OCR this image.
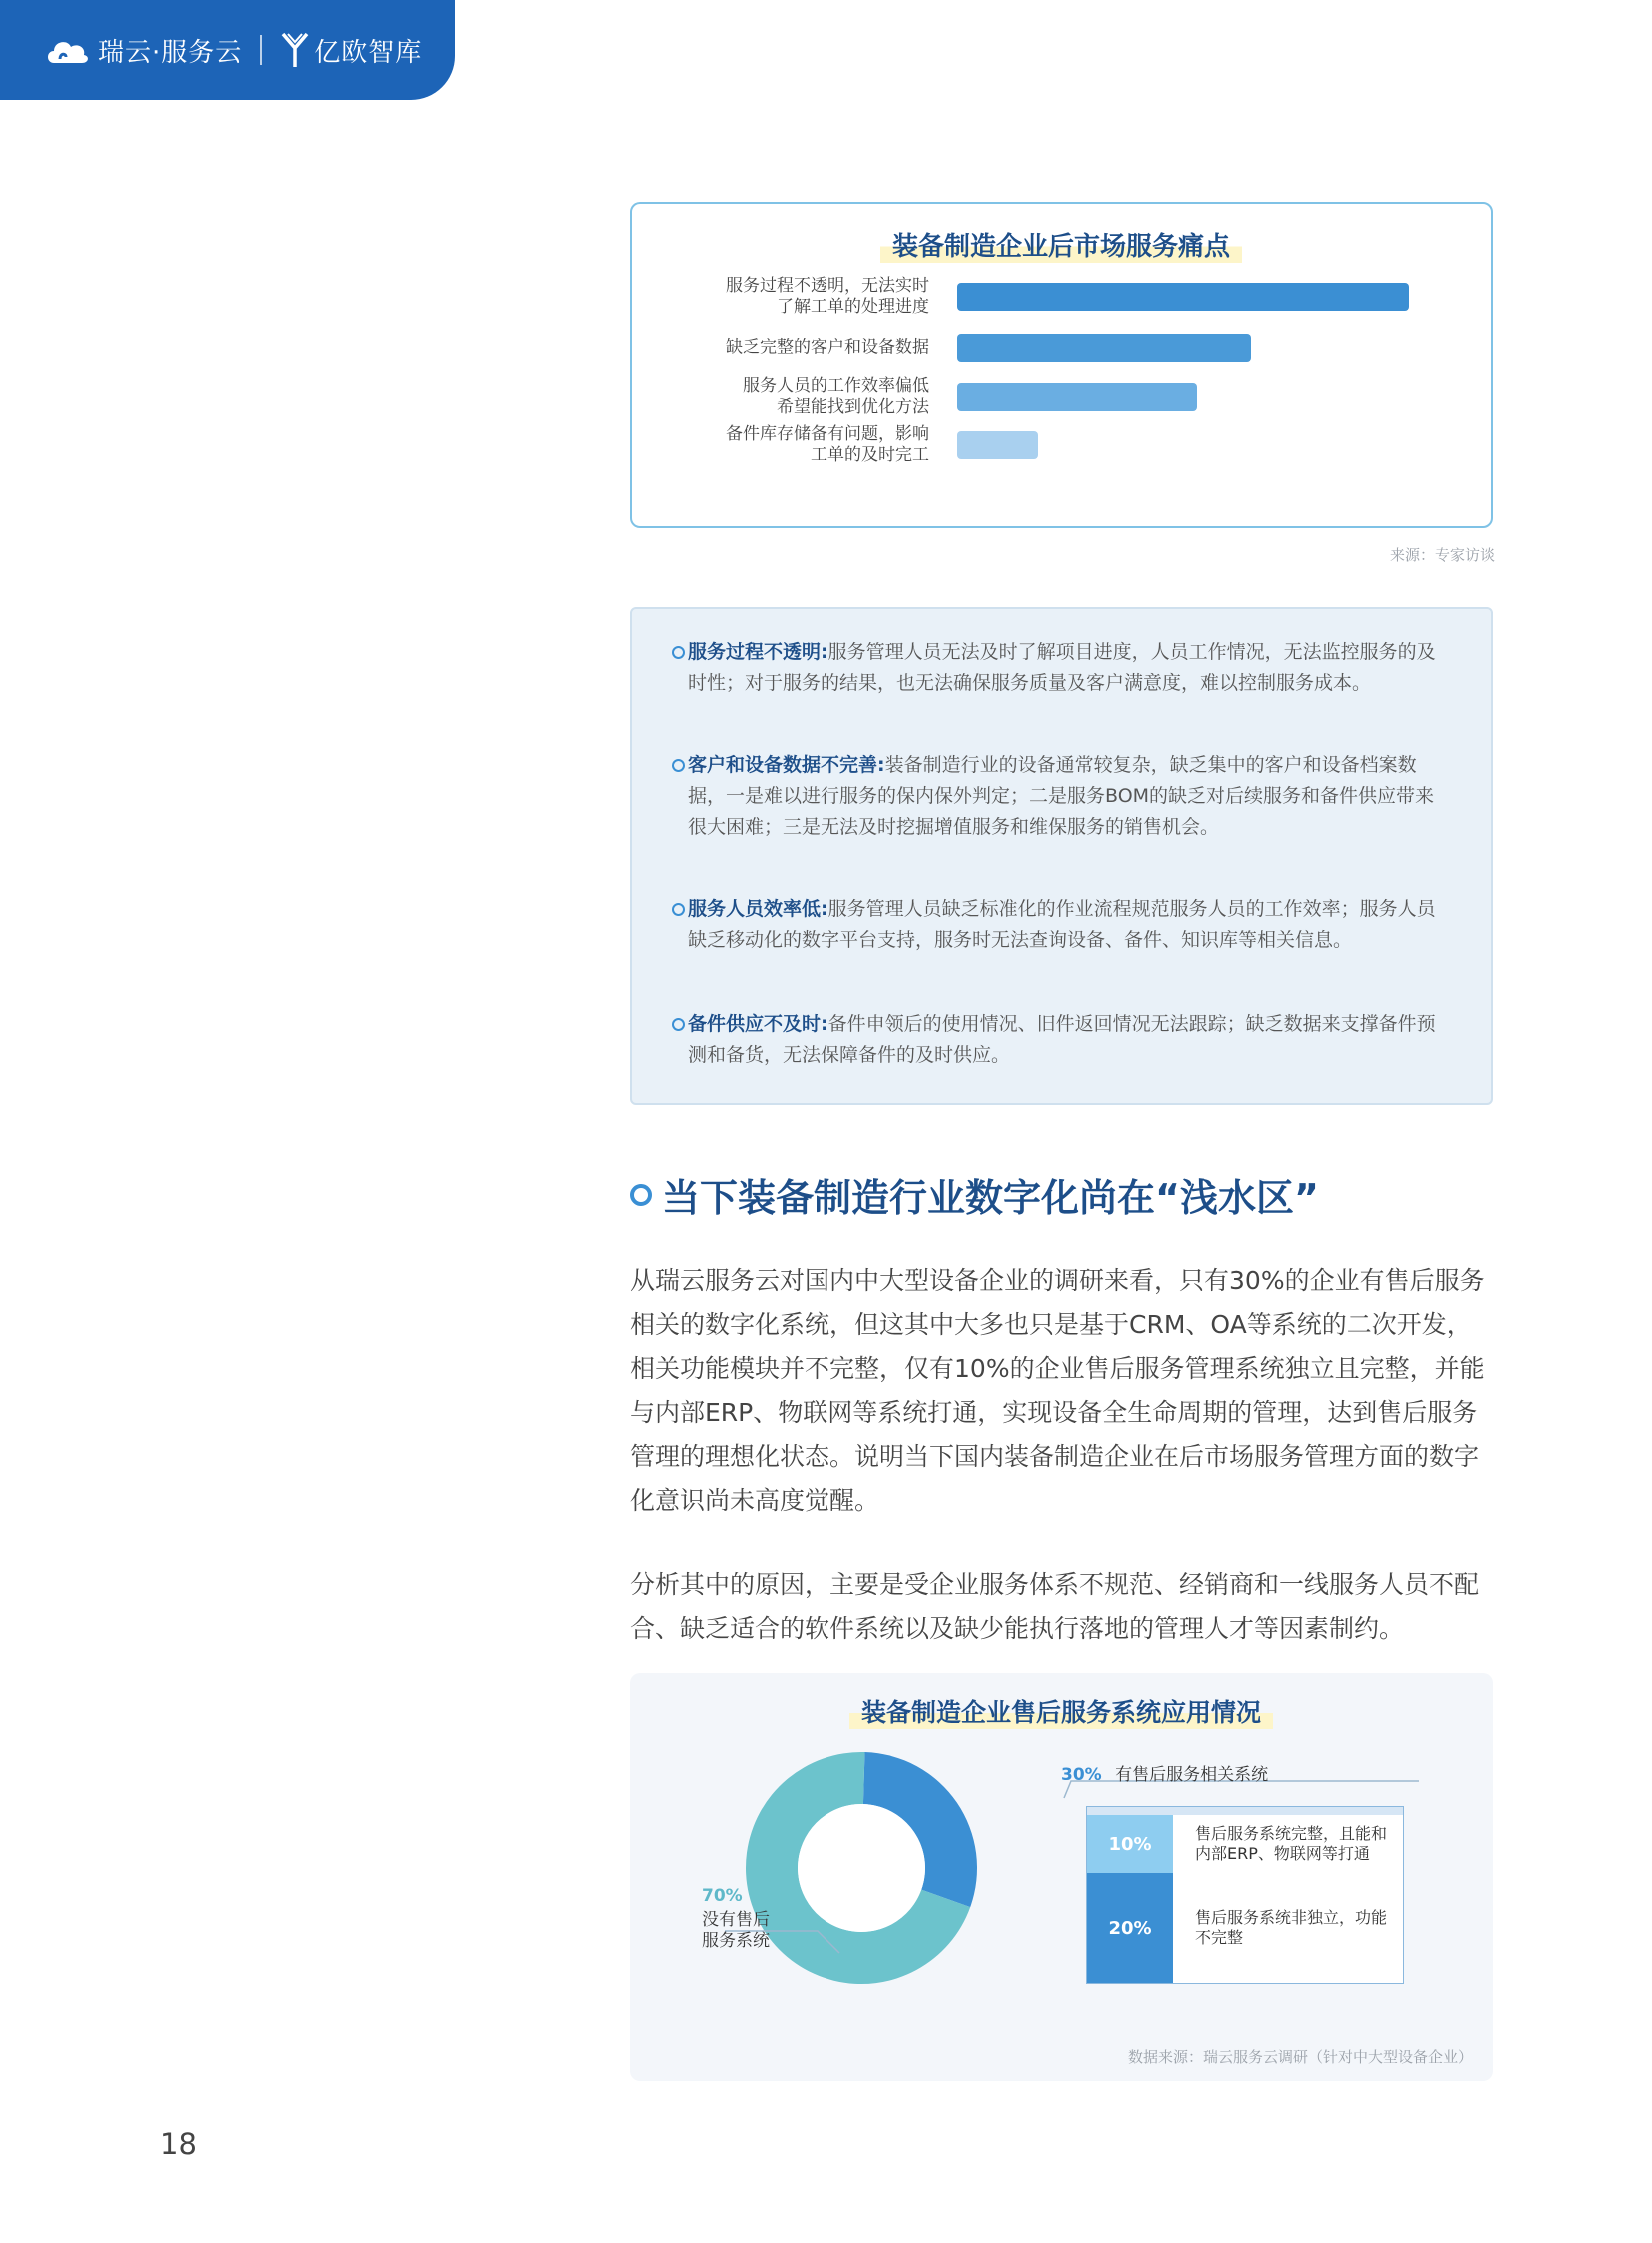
瑞云·服务云	亿欧智库
装备制造企业后市场服务痛点
服务过程不透明，无法实时
了解工单的处理进度
缺乏完整的客户和设备数据
服务人员的工作效率偏低
希望能找到优化方法
备件库存储备有问题，影响
工单的及时完工
来源：专家访谈
服务过程不透明:服务管理人员无法及时了解项目进度，人员工作情况，无法监控服务的及时性；对于服务的结果，也无法确保服务质量及客户满意度，难以控制服务成本。
客户和设备数据不完善:装备制造行业的设备通常较复杂，缺乏集中的客户和设备档案数据，一是难以进行服务的保内保外判定；二是服务BOM的缺乏对后续服务和备件供应带来很大困难；三是无法及时挖掘增值服务和维保服务的销售机会。
服务人员效率低:服务管理人员缺乏标准化的作业流程规范服务人员的工作效率；服务人员缺乏移动化的数字平台支持，服务时无法查询设备、备件、知识库等相关信息。
备件供应不及时:备件申领后的使用情况、旧件返回情况无法跟踪；缺乏数据来支撑备件预测和备货，无法保障备件的及时供应。
当下装备制造行业数字化尚在“浅水区”
从瑞云服务云对国内中大型设备企业的调研来看，只有30%的企业有售后服务相关的数字化系统，但这其中大多也只是基于CRM、OA等系统的二次开发，相关功能模块并不完整，仅有10%的企业售后服务管理系统独立且完整，并能与内部ERP、物联网等系统打通，实现设备全生命周期的管理，达到售后服务管理的理想化状态。说明当下国内装备制造企业在后市场服务管理方面的数字化意识尚未高度觉醒。
分析其中的原因，主要是受企业服务体系不规范、经销商和一线服务人员不配合、缺乏适合的软件系统以及缺少能执行落地的管理人才等因素制约。
装备制造企业售后服务系统应用情况
30% 有售后服务相关系统
70%
没有售后
服务系统
10%	售后服务系统完整，且能和内部ERP、物联网等打通
20%	售后服务系统非独立，功能不完整
数据来源：瑞云服务云调研（针对中大型设备企业）
18
